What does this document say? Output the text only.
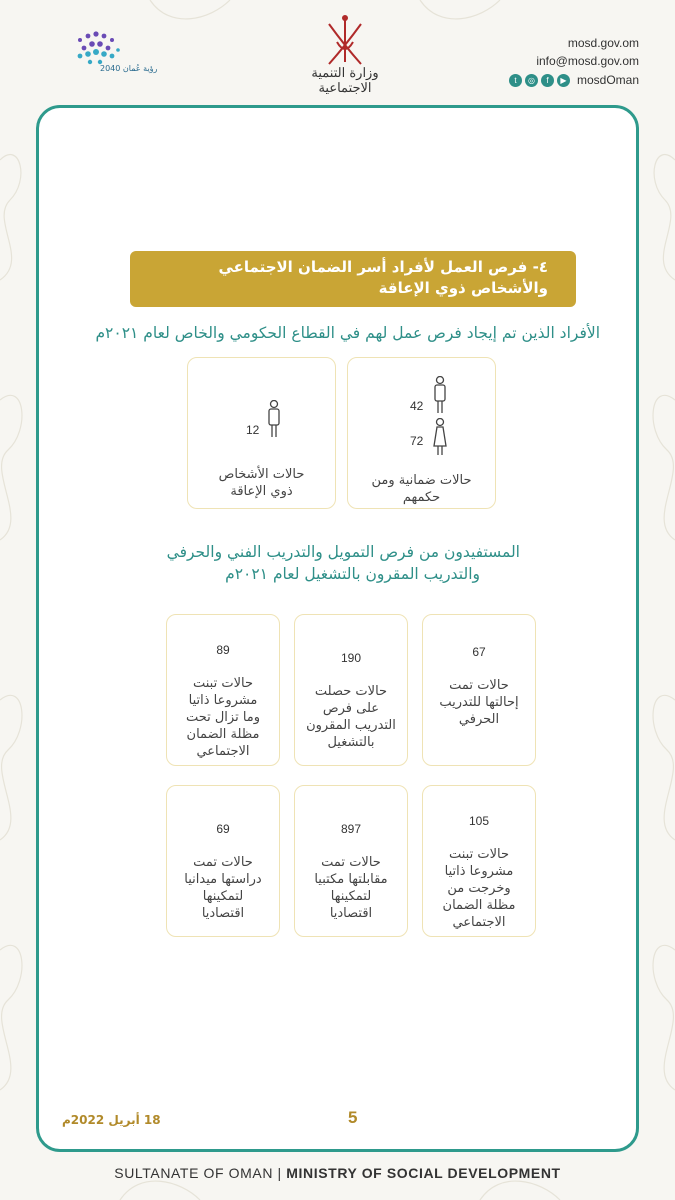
mosd.gov.om
info@mosd.gov.om
t	◎	f	▶ mosdOman
وزارة التنمية الاجتماعية
رؤية عُمان 2040
٤- فرص العمل لأفراد أسر الضمان الاجتماعي
والأشخاص ذوي الإعاقة
الأفراد الذين تم إيجاد فرص عمل لهم في القطاع الحكومي والخاص لعام ٢٠٢١م
42
72
حالات ضمانية ومن
حكمهم
12
حالات الأشخاص
ذوي الإعاقة
المستفيدون من فرص التمويل والتدريب الفني والحرفي
والتدريب المقرون بالتشغيل لعام ٢٠٢١م
67
حالات تمت
إحالتها للتدريب
الحرفي
190
حالات حصلت
على فرص
التدريب المقرون
بالتشغيل
89
حالات تبنت
مشروعا ذاتيا
وما تزال تحت
مظلة الضمان
الاجتماعي
105
حالات تبنت
مشروعا ذاتيا
وخرجت من
مظلة الضمان
الاجتماعي
897
حالات تمت
مقابلتها مكتبيا
لتمكينها
اقتصاديا
69
حالات تمت
دراستها ميدانيا
لتمكينها
اقتصاديا
18 أبريل 2022م	5
SULTANATE OF OMAN | MINISTRY OF SOCIAL DEVELOPMENT
